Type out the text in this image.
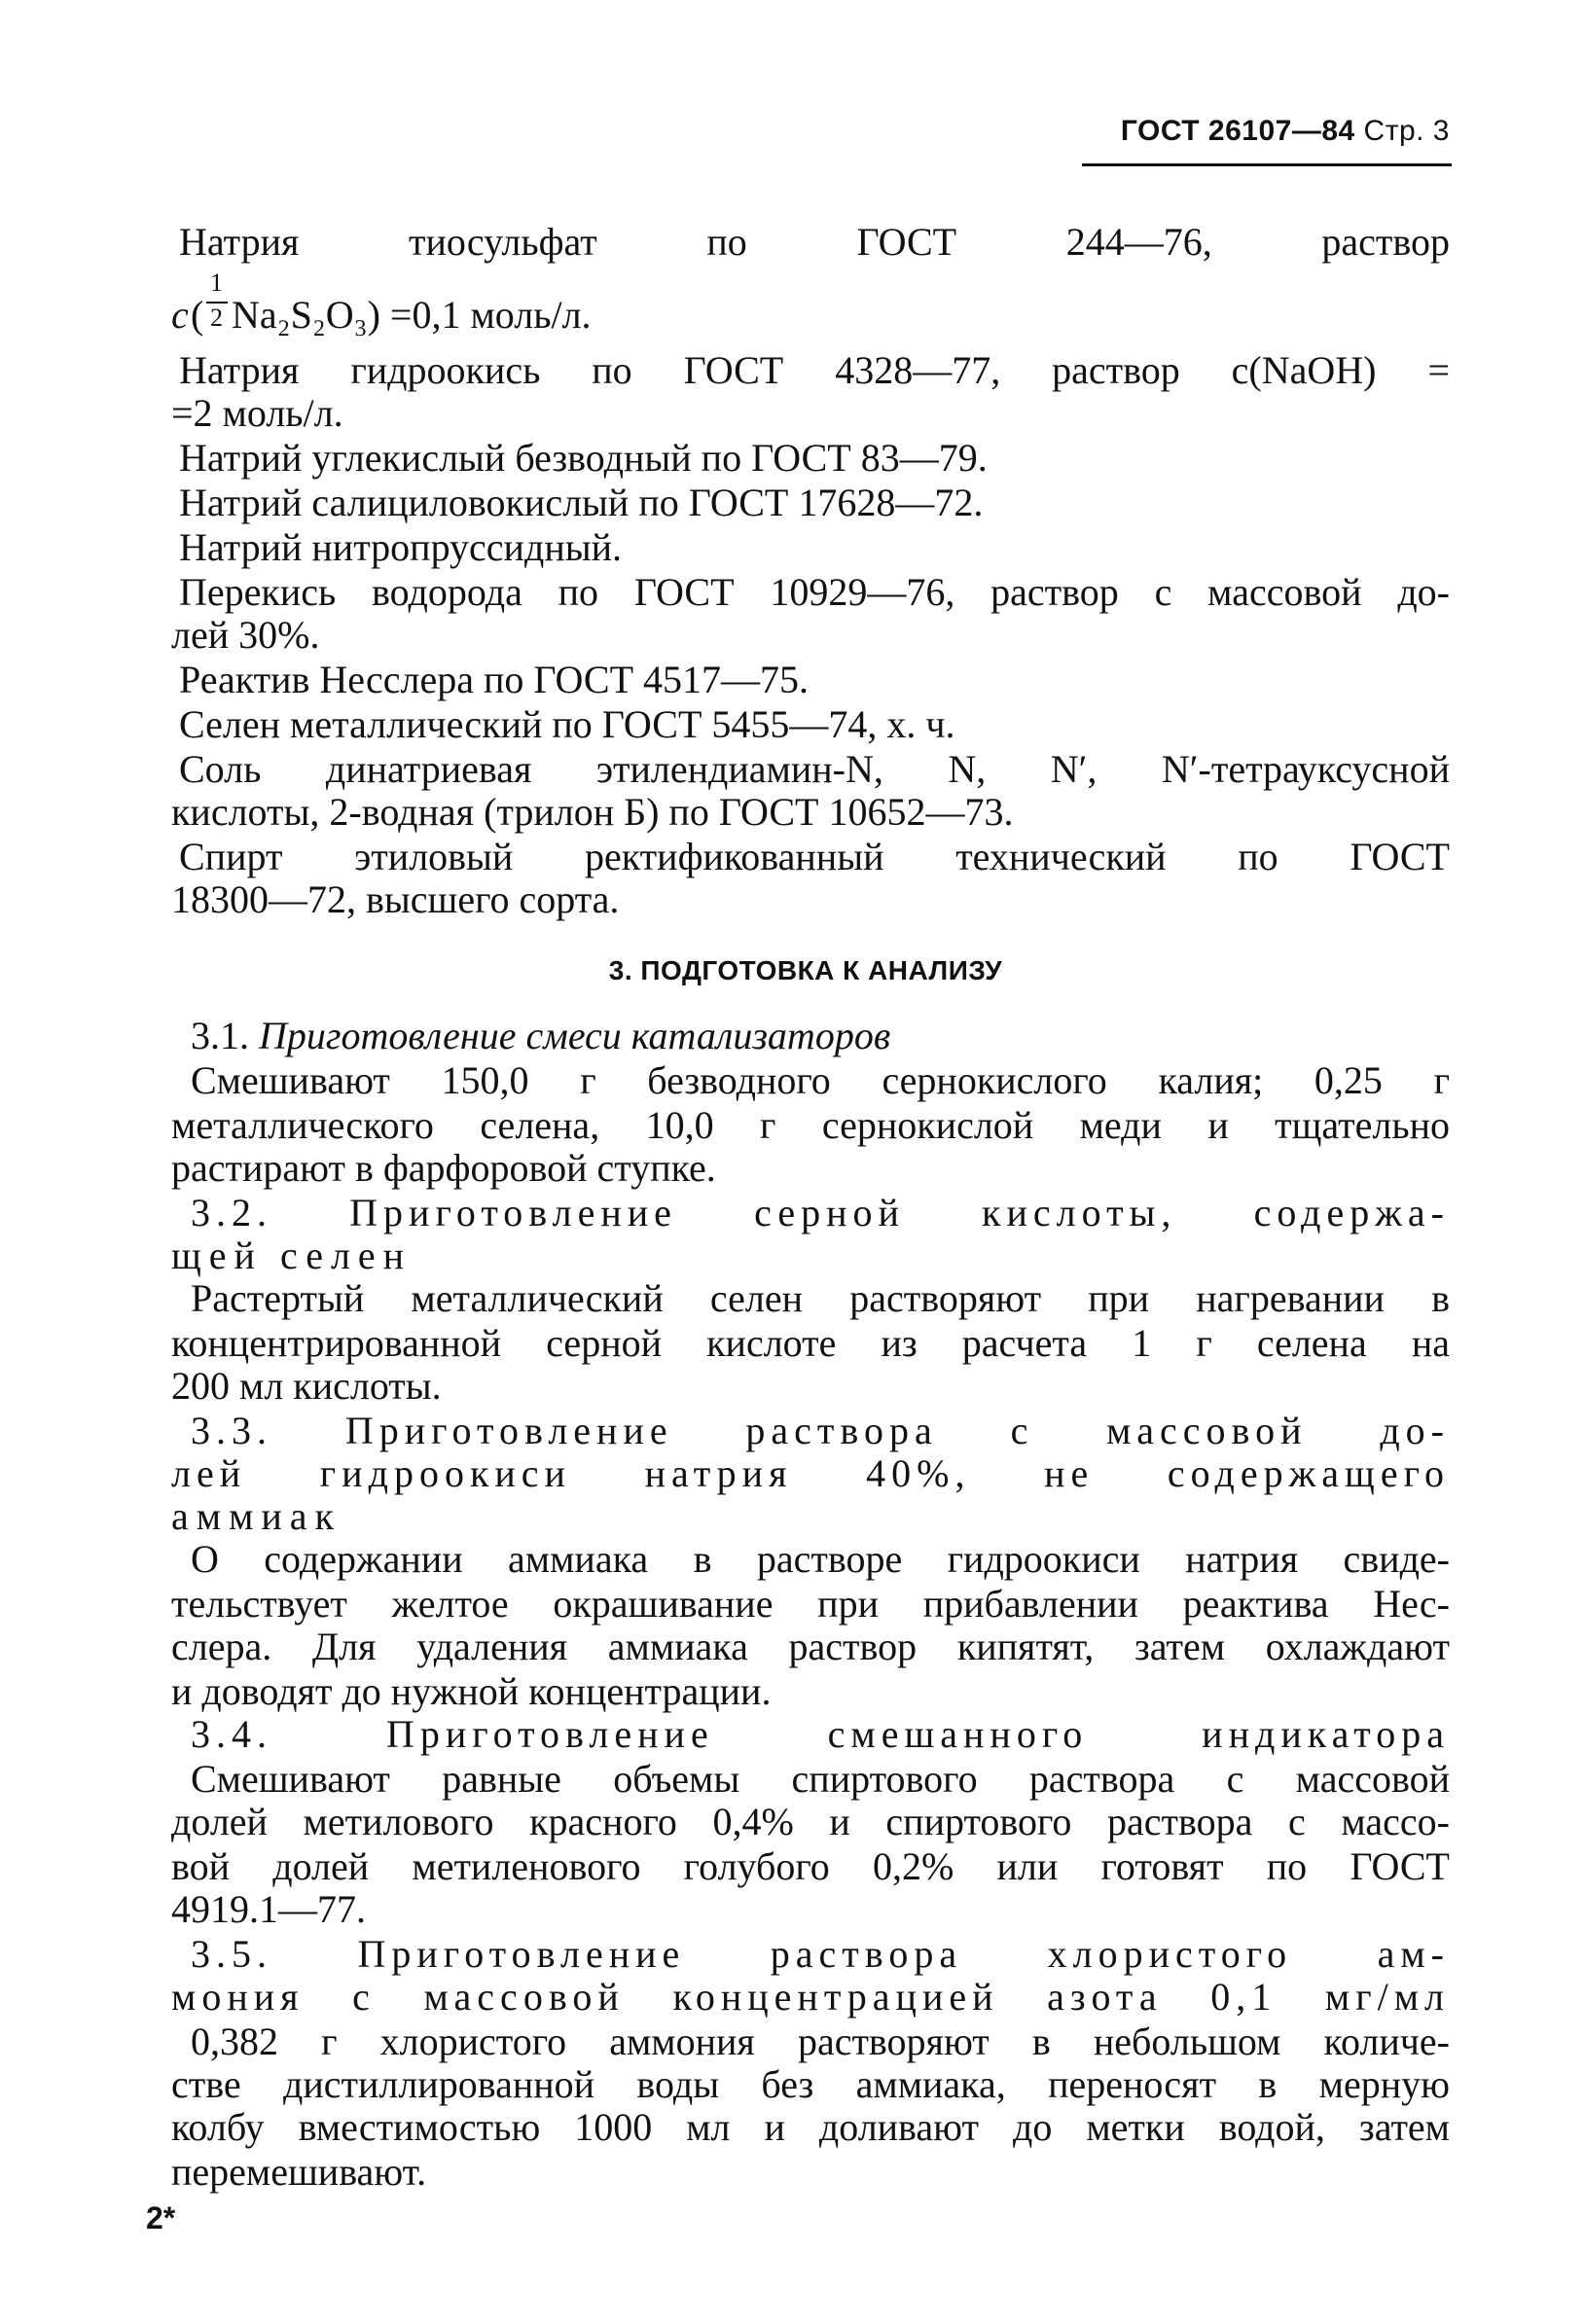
ГОСТ 26107—84 Стр. 3
Натрия тиосульфат по ГОСТ 244—76, раствор
c (
1
2 Na₂S₂O₃) =0,1 моль/л.
Натрия гидроокись по ГОСТ 4328—77, раствор c(NaOH) =
=2 моль/л.
Натрий углекислый безводный по ГОСТ 83—79.
Натрий салициловокислый по ГОСТ 17628—72.
Натрий нитропруссидный.
Перекись водорода по ГОСТ 10929—76, раствор с массовой до-
лей 30%.
Реактив Несслера по ГОСТ 4517—75.
Селен металлический по ГОСТ 5455—74, х. ч.
Соль динатриевая этилендиамин-N, N, N′, N′-тетрауксусной
кислоты, 2-водная (трилон Б) по ГОСТ 10652—73.
Спирт этиловый ректификованный технический по ГОСТ
18300—72, высшего сорта.
3. ПОДГОТОВКА К АНАЛИЗУ
3.1. Приготовление смеси катализаторов
Смешивают 150,0 г безводного сернокислого калия; 0,25 г
металлического селена, 10,0 г сернокислой меди и тщательно
растирают в фарфоровой ступке.
3.2. Приготовление серной кислоты, содержа-
щей селен
Растертый металлический селен растворяют при нагревании в
концентрированной серной кислоте из расчета 1 г селена на
200 мл кислоты.
3.3. Приготовление раствора с массовой до-
лей гидроокиси натрия 40%, не содержащего
аммиак
О содержании аммиака в растворе гидроокиси натрия свиде-
тельствует желтое окрашивание при прибавлении реактива Нес-
слера. Для удаления аммиака раствор кипятят, затем охлаждают
и доводят до нужной концентрации.
3.4. Приготовление смешанного индикатора
Смешивают равные объемы спиртового раствора с массовой
долей метилового красного 0,4% и спиртового раствора с массо-
вой долей метиленового голубого 0,2% или готовят по ГОСТ
4919.1—77.
3.5. Приготовление раствора хлористого ам-
мония с массовой концентрацией азота 0,1 мг/мл
0,382 г хлористого аммония растворяют в небольшом количе-
стве дистиллированной воды без аммиака, переносят в мерную
колбу вместимостью 1000 мл и доливают до метки водой, затем
перемешивают.
2*
